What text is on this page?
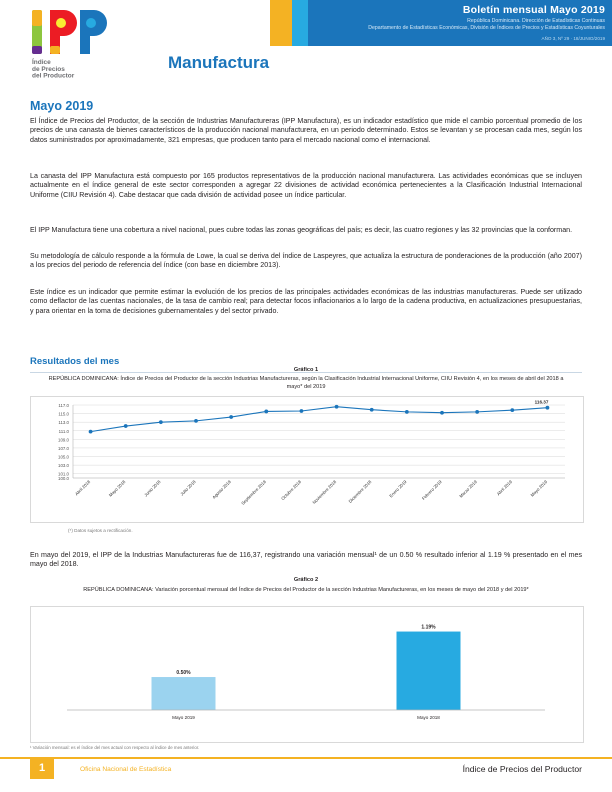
Boletín mensual Mayo 2019
República Dominicana. Dirección de Estadísticas Continuas
Departamento de Estadísticas Económicas, División de Índices de Precios y Estadísticas Coyunturales
AÑO 3, Nº 29 · 18/JUNIO/2019
Índice
de Precios
del Productor
Manufactura
Mayo 2019
El Índice de Precios del Productor, de la sección de Industrias Manufactureras (IPP Manufactura), es un indicador estadístico que mide el cambio porcentual promedio de los precios de una canasta de bienes característicos de la producción nacional manufacturera, en un periodo determinado. Estos se levantan y se procesan cada mes, según los datos suministrados por aproximadamente, 321 empresas, que producen tanto para el mercado nacional como el internacional.
La canasta del IPP Manufactura está compuesto por 165 productos representativos de la producción nacional manufacturera. Las actividades económicas que se incluyen actualmente en el índice general de este sector corresponden a agregar 22 divisiones de actividad económica pertenecientes a la Clasificación Industrial Internacional Uniforme (CIIU Revisión 4). Cabe destacar que cada división de actividad posee un índice particular.
El IPP Manufactura tiene una cobertura a nivel nacional, pues cubre todas las zonas geográficas del país; es decir, las cuatro regiones y las 32 provincias que la conforman.
Su metodología de cálculo responde a la fórmula de Lowe, la cual se deriva del índice de Laspeyres, que actualiza la estructura de ponderaciones de la producción (año 2007) a los precios del periodo de referencia del índice (con base en diciembre 2013).
Este índice es un indicador que permite estimar la evolución de los precios de las principales actividades económicas de las industrias manufactureras. Puede ser utilizado como deflactor de las cuentas nacionales, de la tasa de cambio real; para detectar focos inflacionarios a lo largo de la cadena productiva, en actualizaciones presupuestarias, y para orientar en la toma de decisiones gubernamentales y del sector privado.
Resultados del mes
Gráfico 1
REPÚBLICA DOMINICANA: Índice de Precios del Productor de la sección Industrias Manufactureras, según la Clasificación Industrial Internacional Uniforme, CIIU Revisión 4, en los meses de abril del 2018 a mayo* del 2019
100.0
101.0
103.0
105.0
107.0
109.0
111.0
113.0
115.0
117.0
116.37
Abril 2018	Mayo 2018	Junio 2018	Julio 2018	Agosto 2018 Septiembre 2018	Octubre 2018 Noviembre 2018 Diciembre 2018	Enero 2019	Febrero 2019	Marzo 2019	Abril 2019	Mayo 2019
(*) Datos sujetos a rectificación.
En mayo del 2019, el IPP de la Industrias Manufactureras fue de 116,37, registrando una variación mensual¹ de un 0.50 % resultado inferior al 1.19 % presentado en el mes mayo del 2018.
Gráfico 2
REPÚBLICA DOMINICANA: Variación porcentual mensual del Índice de Precios del Productor de la sección Industrias Manufactureras, en los meses de mayo del 2018 y del 2019*
0.50%
Mayo 2019
1.19%
Mayo 2018
¹ Variación mensual: es el índice del mes actual con respecto al índice de mes anterior.
1	Oficina Nacional de Estadística	Índice de Precios del Productor
